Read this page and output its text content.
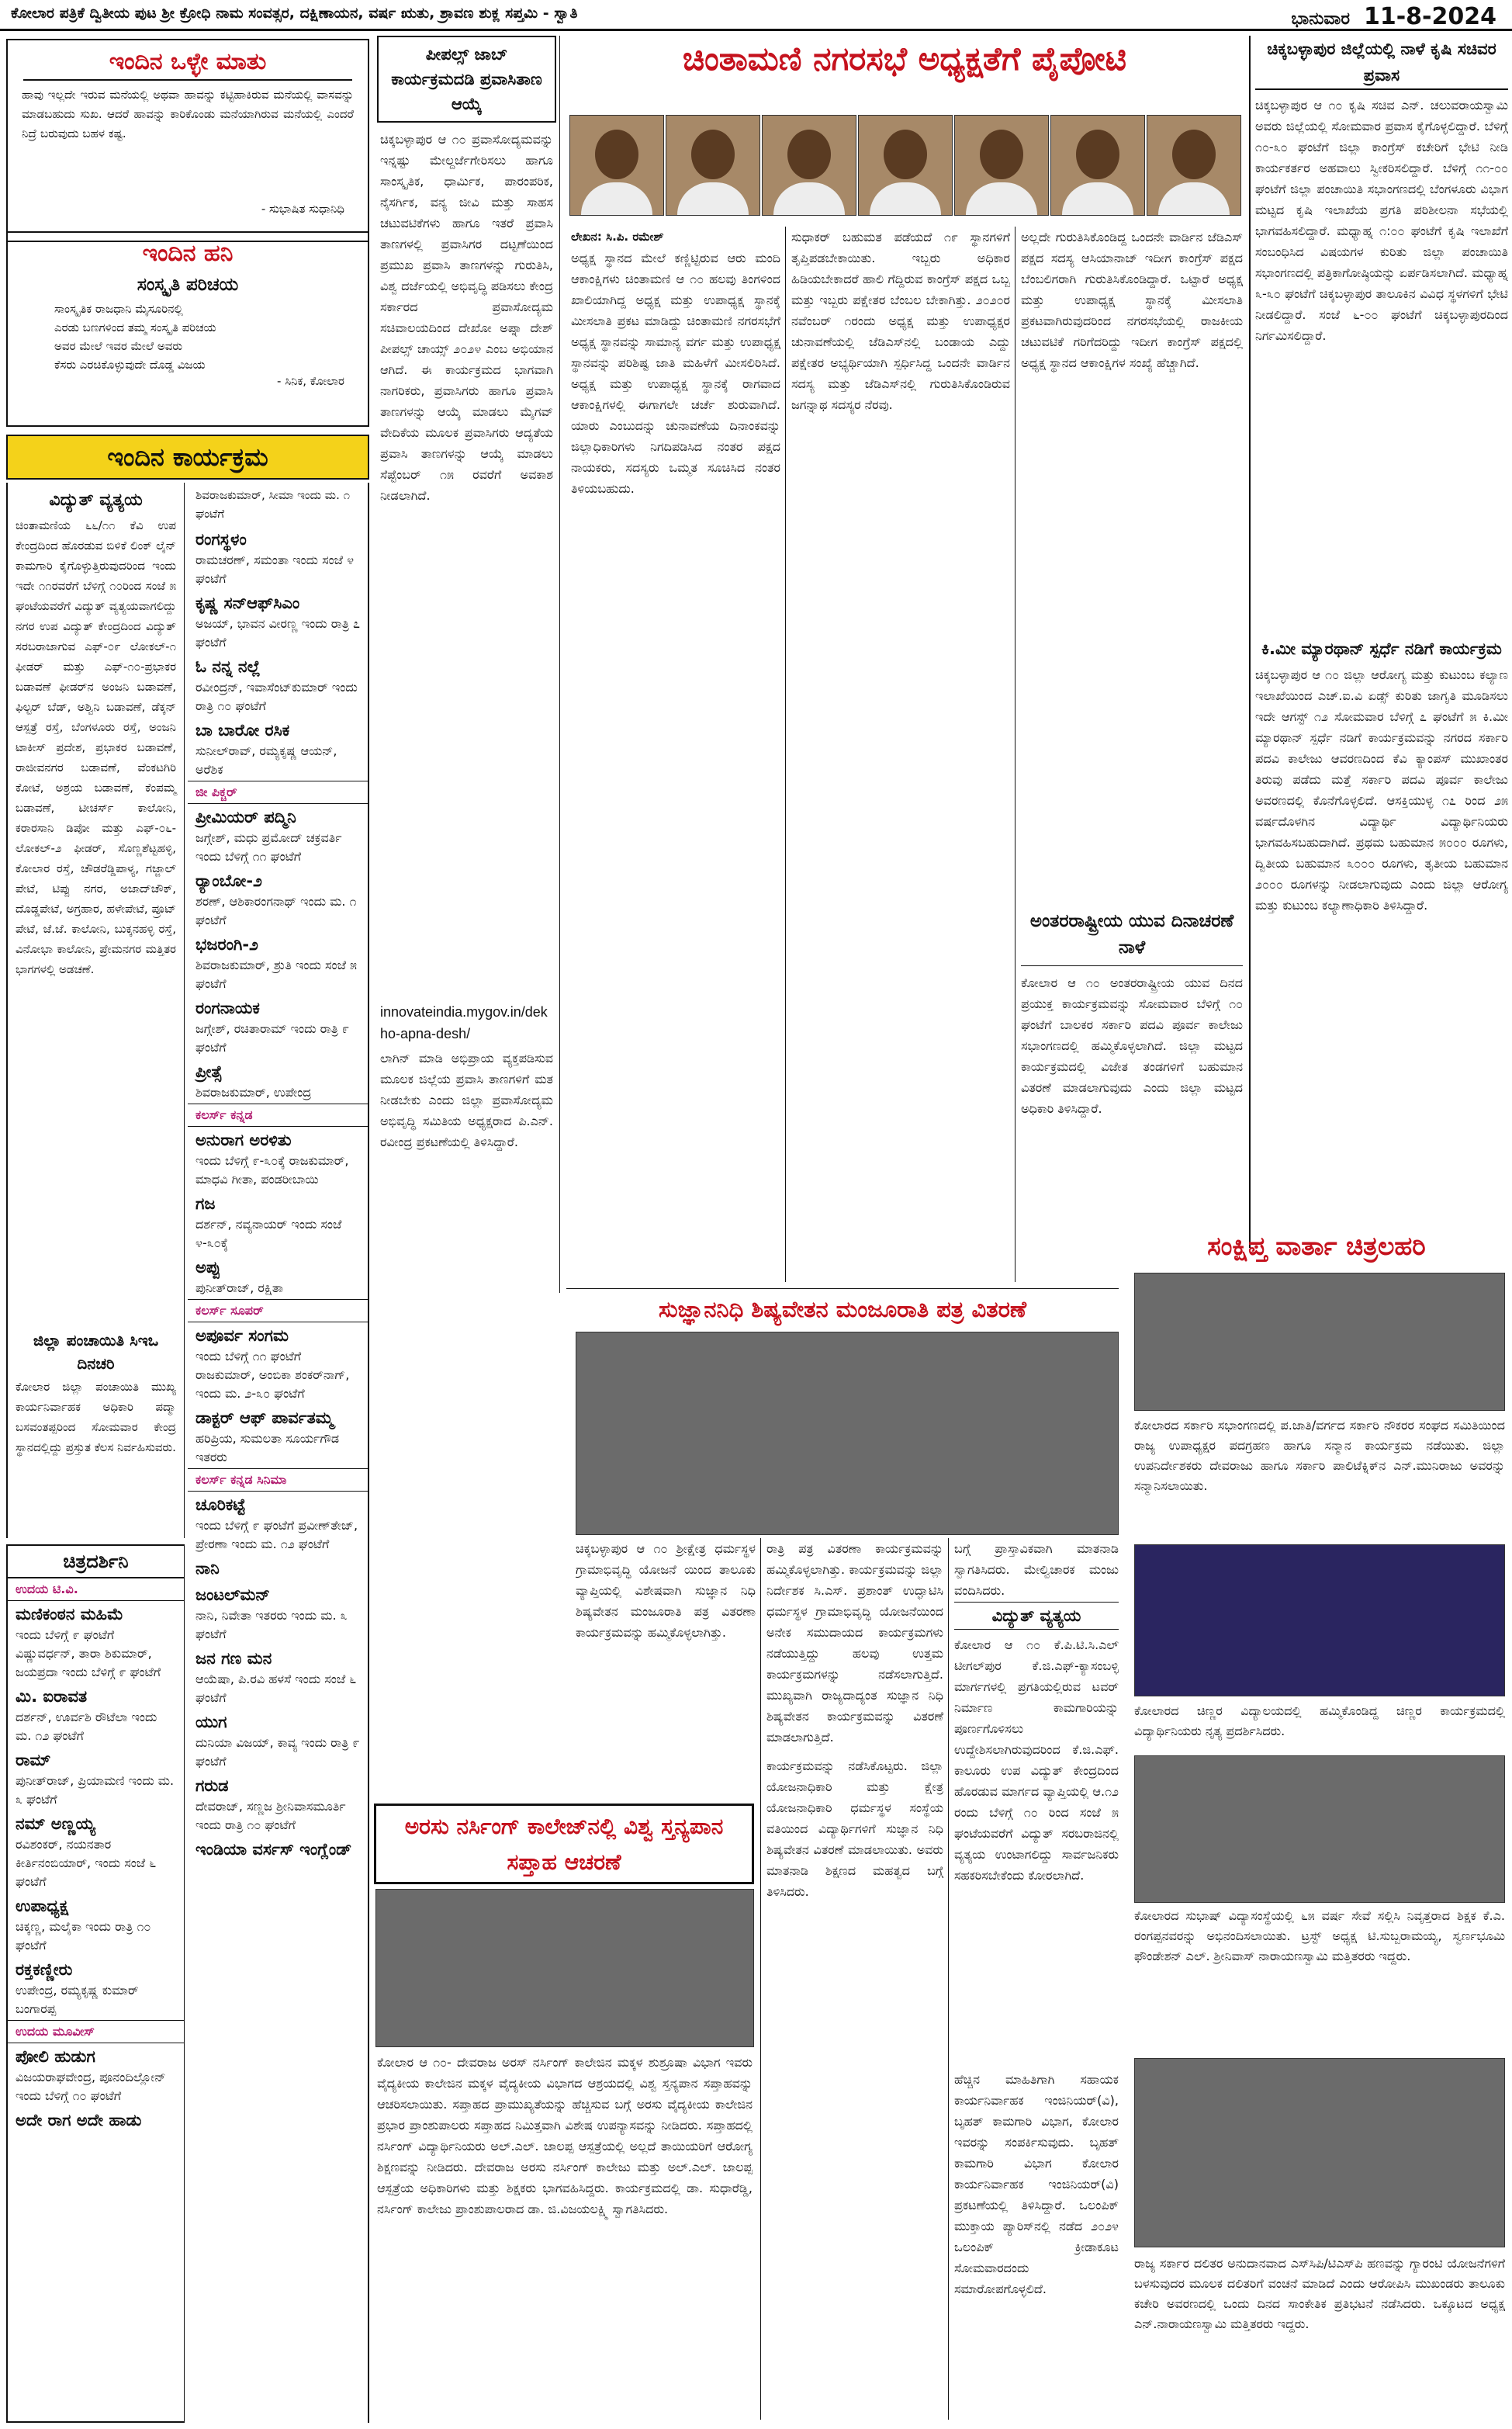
ಕೋಲಾರ ಪತ್ರಿಕೆ ದ್ವಿತೀಯ ಪುಟ ಶ್ರೀ ಕ್ರೋಧಿ ನಾಮ ಸಂವತ್ಸರ, ದಕ್ಷಿಣಾಯನ, ವರ್ಷ ಋತು, ಶ್ರಾವಣ ಶುಕ್ಲ ಸಪ್ತಮಿ - ಸ್ವಾತಿ	ಭಾನುವಾರ 11-8-2024
ಇಂದಿನ ಒಳ್ಳೇ ಮಾತು
ಹಾವು ಇಲ್ಲದೇ ಇರುವ ಮನೆಯಲ್ಲಿ ಅಥವಾ ಹಾವನ್ನು ಕಟ್ಟಿಹಾಕಿರುವ ಮನೆಯಲ್ಲಿ ವಾಸವನ್ನು ಮಾಡಬಹುದು ಸುಖ. ಆದರೆ ಹಾವನ್ನು ಕಾರಿಕೊಂಡು ಮನೆಯಾಗಿರುವ ಮನೆಯಲ್ಲಿ ಎಂದರೆ ನಿದ್ರೆ ಬರುವುದು ಬಹಳ ಕಷ್ಟ.
- ಸುಭಾಷಿತ ಸುಧಾನಿಧಿ
ಇಂದಿನ ಹನಿ
ಸಂಸ್ಕೃತಿ ಪರಿಚಯ
ಸಾಂಸ್ಕೃತಿಕ ರಾಜಧಾನಿ ಮೈಸೂರಿನಲ್ಲಿ
ಎರಡು ಬಣಗಳಿಂದ ತಮ್ಮ ಸಂಸ್ಕೃತಿ ಪರಿಚಯ
ಅವರ ಮೇಲೆ ಇವರ ಮೇಲೆ ಅವರು
ಕೆಸರು ಎರಚಿಕೊಳ್ಳುವುದೇ ದೊಡ್ಡ ವಿಜಯ
- ಸಿನಿಕ, ಕೋಲಾರ
ಇಂದಿನ ಕಾರ್ಯಕ್ರಮ
ವಿದ್ಯುತ್ ವ್ಯತ್ಯಯ
ಚಿಂತಾಮಣಿಯ ೬೬/೧೧ ಕೆವಿ ಉಪ ಕೇಂದ್ರದಿಂದ ಹೊರಡುವ ಬಿಳಿಕೆ ಲಿಂಕ್ ಲೈನ್ ಕಾಮಗಾರಿ ಕೈಗೊಳ್ಳುತ್ತಿರುವುದರಿಂದ ಇಂದು ಇದೇ ೧೧ರವರೆಗೆ ಬೆಳಿಗ್ಗೆ ೧೦ರಿಂದ ಸಂಜೆ ೫ ಘಂಟೆಯವರೆಗೆ ವಿದ್ಯುತ್ ವ್ಯತ್ಯಯವಾಗಲಿದ್ದು ನಗರ ಉಪ ವಿದ್ಯುತ್ ಕೇಂದ್ರದಿಂದ ವಿದ್ಯುತ್ ಸರಬರಾಜಾಗುವ ಎಫ್-೦೯ ಲೋಕಲ್-೧ ಫೀಡರ್ ಮತ್ತು ಎಫ್-೧೦-ಪ್ರಭಾಕರ ಬಡಾವಣೆ ಫೀಡರ್‌ನ ಅಂಜನಿ ಬಡಾವಣೆ, ಫಿಲ್ಟರ್ ಬೆಡ್, ಅಶ್ವಿನಿ ಬಡಾವಣೆ, ಡೆಕ್ಕನ್ ಆಸ್ಪತ್ರೆ ರಸ್ತೆ, ಬೆಂಗಳೂರು ರಸ್ತೆ, ಅಂಜನಿ ಟಾಕೀಸ್ ಪ್ರದೇಶ, ಪ್ರಭಾಕರ ಬಡಾವಣೆ, ರಾಜೀವನಗರ ಬಡಾವಣೆ, ವೆಂಕಟಗಿರಿ ಕೋಟೆ, ಅಶ್ರಯ ಬಡಾವಣೆ, ಕೆಂಪಮ್ಮ ಬಡಾವಣೆ, ಟೀಚರ್ಸ್ ಕಾಲೋನಿ, ಕರಾರಸಾನಿ ಡಿಪೋ ಮತ್ತು ಎಫ್-೦೬-ಲೋಕಲ್-೨ ಫೀಡರ್, ಸೊಣ್ಣಶೆಟ್ಟಹಳ್ಳಿ, ಕೋಲಾರ ರಸ್ತೆ, ಚೌಡರೆಡ್ಡಿಪಾಳ್ಯ, ಗಜ್ಜಾಲ್ ಪೇಟೆ, ಟಿಪ್ಪು ನಗರ, ಅಜಾದ್‌ಚೌಕ್, ದೊಡ್ಡಪೇಟೆ, ಅಗ್ರಹಾರ, ಹಳೇಪೇಟೆ, ಪ್ರೂಟ್ ಪೇಟೆ, ಜೆ.ಜೆ. ಕಾಲೋನಿ, ಬುಕ್ಕನಹಳ್ಳಿ ರಸ್ತೆ, ವಿನೋಭಾ ಕಾಲೋನಿ, ಪ್ರೇಮನಗರ ಮತ್ತಿತರ ಭಾಗಗಳಲ್ಲಿ ಅಡಚಣೆ.
ಜಿಲ್ಲಾ ಪಂಚಾಯಿತಿ ಸಿಇಒ ದಿನಚರಿ
ಕೋಲಾರ ಜಿಲ್ಲಾ ಪಂಚಾಯಿತಿ ಮುಖ್ಯ ಕಾರ್ಯನಿರ್ವಾಹಕ ಅಧಿಕಾರಿ ಪದ್ಮಾ ಬಸವಂತಪ್ಪರಿಂದ ಸೋಮವಾರ ಕೇಂದ್ರ ಸ್ಥಾನದಲ್ಲಿದ್ದು ಪ್ರಸ್ತುತ ಕೆಲಸ ನಿರ್ವಹಿಸುವರು.
ಶಿವರಾಜಕುಮಾರ್, ಸೀಮಾ ಇಂದು ಮ. ೧ ಘಂಟೆಗೆ
ರಂಗಸ್ಥಳಂ
ರಾಮಚರಣ್, ಸಮಂತಾ ಇಂದು ಸಂಜೆ ೪ ಘಂಟೆಗೆ
ಕೃಷ್ಣ ಸನ್‌ಆಫ್‌ಸಿಎಂ
ಅಜಯ್, ಭಾವನ ವೀರಣ್ಣ ಇಂದು ರಾತ್ರಿ ೭ ಘಂಟೆಗೆ
ಓ ನನ್ನ ನಲ್ಲೆ
ರವೀಂದ್ರನ್, ಇವಾಸೆಂಟ್‌ಕುಮಾರ್ ಇಂದು ರಾತ್ರಿ ೧೦ ಘಂಟೆಗೆ
ಬಾ ಬಾರೋ ರಸಿಕ
ಸುನೀಲ್‌ರಾವ್, ರಮ್ಯಕೃಷ್ಣ ಆಯನ್, ಅರೆಶಿಕ
ಜೀ ಪಿಕ್ಚರ್
ಪ್ರೀಮಿಯರ್ ಪದ್ಮಿನಿ
ಜಗ್ಗೇಶ್, ಮಧು ಪ್ರಮೋದ್ ಚಕ್ರವರ್ತಿ ಇಂದು ಬೆಳಿಗ್ಗೆ ೧೧ ಘಂಟೆಗೆ
ರ್‍ಯಾಂಬೋ-೨
ಶರಣ್, ಆಶಿಕಾರಂಗನಾಥ್ ಇಂದು ಮ. ೧ ಘಂಟೆಗೆ
ಭಜರಂಗಿ-೨
ಶಿವರಾಜಕುಮಾರ್, ಶ್ರುತಿ ಇಂದು ಸಂಜೆ ೫ ಘಂಟೆಗೆ
ರಂಗನಾಯಕ
ಜಗ್ಗೇಶ್, ರಚಿತಾರಾಮ್ ಇಂದು ರಾತ್ರಿ ೯ ಘಂಟೆಗೆ
ಪ್ರೀತ್ಸೆ
ಶಿವರಾಜಕುಮಾರ್, ಉಪೇಂದ್ರ
ಕಲರ್ಸ್ ಕನ್ನಡ
ಅನುರಾಗ ಅರಳಿತು
ಇಂದು ಬೆಳಿಗ್ಗೆ ೯-೩೦ಕ್ಕೆ ರಾಜಕುಮಾರ್, ಮಾಧವಿ ಗೀತಾ, ಪಂಡರೀಬಾಯಿ
ಗಜ
ದರ್ಶನ್, ನವ್ಯನಾಯರ್ ಇಂದು ಸಂಜೆ ೪-೩೦ಕ್ಕೆ
ಅಪ್ಪು
ಪುನೀತ್‌ರಾಜ್, ರಕ್ಷಿತಾ
ಕಲರ್ಸ್ ಸೂಪರ್
ಅಪೂರ್ವ ಸಂಗಮ
ಇಂದು ಬೆಳಿಗ್ಗೆ ೧೧ ಘಂಟೆಗೆ ರಾಜಕುಮಾರ್, ಅಂಬಿಕಾ ಶಂಕರ್‌ನಾಗ್, ಇಂದು ಮ. ೨-೩೦ ಘಂಟೆಗೆ
ಡಾಕ್ಟರ್ ಆಫ್ ಪಾರ್ವತಮ್ಮ
ಹರಿಪ್ರಿಯ, ಸುಮಲತಾ ಸೂರ್ಯಗೌಡ ಇತರರು
ಕಲರ್ಸ್ ಕನ್ನಡ ಸಿನಿಮಾ
ಚೂರಿಕಟ್ಟೆ
ಇಂದು ಬೆಳಿಗ್ಗೆ ೯ ಘಂಟೆಗೆ ಪ್ರವೀಣ್‌ತೇಜ್, ಪ್ರೇರಣಾ ಇಂದು ಮ. ೧೨ ಘಂಟೆಗೆ
ನಾನಿ
ಜಂಟಲ್‌ಮನ್
ನಾನಿ, ನಿವೇತಾ ಇತರರು ಇಂದು ಮ. ೩ ಘಂಟೆಗೆ
ಜನ ಗಣ ಮನ
ಆಯೆಷಾ, ಪಿ.ರವಿ ಹಳಸೆ ಇಂದು ಸಂಜೆ ೬ ಘಂಟೆಗೆ
ಯುಗ
ದುನಿಯಾ ವಿಜಯ್, ಕಾವ್ಯ ಇಂದು ರಾತ್ರಿ ೯ ಘಂಟೆಗೆ
ಗರುಡ
ದೇವರಾಜ್, ಸಣ್ಣಜ ಶ್ರೀನಿವಾಸಮೂರ್ತಿ ಇಂದು ರಾತ್ರಿ ೧೦ ಘಂಟೆಗೆ
ಇಂಡಿಯಾ ವರ್ಸಸ್ ಇಂಗ್ಲೆಂಡ್
ಚಿತ್ರದರ್ಶಿನಿ
ಉದಯ ಟಿ.ವಿ.
ಮಣಿಕಂಠನ ಮಹಿಮೆ
ಇಂದು ಬೆಳಿಗ್ಗೆ ೯ ಘಂಟೆಗೆ ವಿಷ್ಣುವರ್ಧನ್, ತಾರಾ ಶಿಕುಮಾರ್, ಜಯಪ್ರದಾ ಇಂದು ಬೆಳಿಗ್ಗೆ ೯ ಘಂಟೆಗೆ
ಮಿ. ಐರಾವತ
ದರ್ಶನ್, ಊರ್ವಶಿ ರೌಟೆಲಾ ಇಂದು ಮ. ೧೨ ಘಂಟೆಗೆ
ರಾಮ್
ಪುನೀತ್‌ರಾಜ್, ಪ್ರಿಯಾಮಣಿ ಇಂದು ಮ. ೩ ಘಂಟೆಗೆ
ನಮ್ ಅಣ್ಣಯ್ಯ
ರವಿಶಂಕರ್, ನಯನತಾರ ಕೀರ್ತಿನಂಬಿಯಾರ್, ಇಂದು ಸಂಜೆ ೬ ಘಂಟೆಗೆ
ಉಪಾಧ್ಯಕ್ಷ
ಚಿಕ್ಕಣ್ಣ, ಮಲೈಕಾ ಇಂದು ರಾತ್ರಿ ೧೦ ಘಂಟೆಗೆ
ರಕ್ತಕಣ್ಣೀರು
ಉಪೇಂದ್ರ, ರಮ್ಯಕೃಷ್ಣ ಕುಮಾರ್ ಬಂಗಾರಪ್ಪ
ಉದಯ ಮೂವೀಸ್
ಪೋಲಿ ಹುಡುಗ
ವಿಜಯರಾಘವೇಂದ್ರ, ಪೂನಂದಿಲ್ಲೋನ್ ಇಂದು ಬೆಳಿಗ್ಗೆ ೧೦ ಘಂಟೆಗೆ
ಅದೇ ರಾಗ ಅದೇ ಹಾಡು
ಪೀಪಲ್ಸ್ ಜಾಬ್ ಕಾರ್ಯಕ್ರಮದಡಿ ಪ್ರವಾಸಿತಾಣ ಆಯ್ಕೆ
ಚಿಕ್ಕಬಳ್ಳಾಪುರ ಆ ೧೦ ಪ್ರವಾಸೋದ್ಯಮವನ್ನು ಇನ್ನಷ್ಟು ಮೇಲ್ದರ್ಜೆಗೇರಿಸಲು ಹಾಗೂ ಸಾಂಸ್ಕೃತಿಕ, ಧಾರ್ಮಿಕ, ಪಾರಂಪರಿಕ, ನೈಸರ್ಗಿಕ, ವನ್ಯ ಜೀವಿ ಮತ್ತು ಸಾಹಸ ಚಟುವಟಿಕೆಗಳು ಹಾಗೂ ಇತರೆ ಪ್ರವಾಸಿ ತಾಣಗಳಲ್ಲಿ ಪ್ರವಾಸಿಗರ ದಟ್ಟಣೆಯಿಂದ ಪ್ರಮುಖ ಪ್ರವಾಸಿ ತಾಣಗಳನ್ನು ಗುರುತಿಸಿ, ವಿಶ್ವ ದರ್ಜೆಯಲ್ಲಿ ಅಭಿವೃದ್ಧಿ ಪಡಿಸಲು ಕೇಂದ್ರ ಸರ್ಕಾರದ ಪ್ರವಾಸೋದ್ಯಮ ಸಚಿವಾಲಯದಿಂದ ದೇಖೋ ಅಪ್ನಾ ದೇಶ್ ಪೀಪಲ್ಸ್ ಚಾಯ್ಸ್ ೨೦೨೪ ಎಂಬ ಅಭಿಯಾನ ಆಗಿದೆ. ಈ ಕಾರ್ಯಕ್ರಮದ ಭಾಗವಾಗಿ ನಾಗರಿಕರು, ಪ್ರವಾಸಿಗರು ಹಾಗೂ ಪ್ರವಾಸಿ ತಾಣಗಳನ್ನು ಆಯ್ಕೆ ಮಾಡಲು ಮೈಗವ್ ವೇದಿಕೆಯ ಮೂಲಕ ಪ್ರವಾಸಿಗರು ಆದ್ಯತೆಯ ಪ್ರವಾಸಿ ತಾಣಗಳನ್ನು ಆಯ್ಕೆ ಮಾಡಲು ಸೆಪ್ಟೆಂಬರ್ ೧೫ ರವರೆಗೆ ಅವಕಾಶ ನೀಡಲಾಗಿದೆ.
innovateindia.mygov.in/dekho-apna-desh/
ಲಾಗಿನ್ ಮಾಡಿ ಅಭಿಪ್ರಾಯ ವ್ಯಕ್ತಪಡಿಸುವ ಮೂಲಕ ಜಿಲ್ಲೆಯ ಪ್ರವಾಸಿ ತಾಣಗಳಿಗೆ ಮತ ನೀಡಬೇಕು ಎಂದು ಜಿಲ್ಲಾ ಪ್ರವಾಸೋದ್ಯಮ ಅಭಿವೃದ್ಧಿ ಸಮಿತಿಯ ಅಧ್ಯಕ್ಷರಾದ ಪಿ.ಎನ್. ರವೀಂದ್ರ ಪ್ರಕಟಣೆಯಲ್ಲಿ ತಿಳಿಸಿದ್ದಾರೆ.
ಚಿಂತಾಮಣಿ ನಗರಸಭೆ ಅಧ್ಯಕ್ಷತೆಗೆ ಪೈಪೋಟಿ
ಲೇಖನ: ಸಿ.ಪಿ. ರಮೇಶ್
ಅಧ್ಯಕ್ಷ ಸ್ಥಾನದ ಮೇಲೆ ಕಣ್ಣಿಟ್ಟಿರುವ ಆರು ಮಂದಿ ಆಕಾಂಕ್ಷಿಗಳು ಚಿಂತಾಮಣಿ ಆ ೧೦ ಹಲವು ತಿಂಗಳಿಂದ ಖಾಲಿಯಾಗಿದ್ದ ಅಧ್ಯಕ್ಷ ಮತ್ತು ಉಪಾಧ್ಯಕ್ಷ ಸ್ಥಾನಕ್ಕೆ ಮೀಸಲಾತಿ ಪ್ರಕಟ ಮಾಡಿದ್ದು ಚಿಂತಾಮಣಿ ನಗರಸಭೆಗೆ ಅಧ್ಯಕ್ಷ ಸ್ಥಾನವನ್ನು ಸಾಮಾನ್ಯ ವರ್ಗ ಮತ್ತು ಉಪಾಧ್ಯಕ್ಷ ಸ್ಥಾನವನ್ನು ಪರಿಶಿಷ್ಟ ಜಾತಿ ಮಹಿಳೆಗೆ ಮೀಸಲಿರಿಸಿದೆ. ಅಧ್ಯಕ್ಷ ಮತ್ತು ಉಪಾಧ್ಯಕ್ಷ ಸ್ಥಾನಕ್ಕೆ ರಾಗವಾದ ಆಕಾಂಕ್ಷಿಗಳಲ್ಲಿ ಈಗಾಗಲೇ ಚರ್ಚೆ ಶುರುವಾಗಿದೆ. ಯಾರು ಎಂಬುದನ್ನು ಚುನಾವಣೆಯ ದಿನಾಂಕವನ್ನು ಜಿಲ್ಲಾಧಿಕಾರಿಗಳು ನಿಗದಿಪಡಿಸಿದ ನಂತರ ಪಕ್ಷದ ನಾಯಕರು, ಸದಸ್ಯರು ಒಮ್ಮತ ಸೂಚಿಸಿದ ನಂತರ ತಿಳಿಯಬಹುದು.
ಸುಧಾಕರ್ ಬಹುಮತ ಪಡೆಯದೆ ೧೯ ಸ್ಥಾನಗಳಿಗೆ ತೃಪ್ತಿಪಡಬೇಕಾಯಿತು. ಇಬ್ಬರು ಅಧಿಕಾರ ಹಿಡಿಯಬೇಕಾದರೆ ಹಾಲಿ ಗೆದ್ದಿರುವ ಕಾಂಗ್ರೆಸ್ ಪಕ್ಷದ ಒಬ್ಬ ಮತ್ತು ಇಬ್ಬರು ಪಕ್ಷೇತರ ಬೆಂಬಲ ಬೇಕಾಗಿತ್ತು. ೨೦೨೦ರ ನವೆಂಬರ್ ೧ರಂದು ಅಧ್ಯಕ್ಷ ಮತ್ತು ಉಪಾಧ್ಯಕ್ಷರ ಚುನಾವಣೆಯಲ್ಲಿ ಜೆಡಿಎಸ್‌ನಲ್ಲಿ ಬಂಡಾಯ ಎದ್ದು ಪಕ್ಷೇತರ ಅಭ್ಯರ್ಥಿಯಾಗಿ ಸ್ಪರ್ಧಿಸಿದ್ದ ಒಂದನೇ ವಾರ್ಡಿನ ಸದಸ್ಯ ಮತ್ತು ಜೆಡಿಎಸ್‌ನಲ್ಲಿ ಗುರುತಿಸಿಕೊಂಡಿರುವ ಜಗನ್ನಾಥ ಸದಸ್ಯರ ನೆರವು.
ಅಲ್ಲದೇ ಗುರುತಿಸಿಕೊಂಡಿದ್ದ ಒಂದನೇ ವಾರ್ಡಿನ ಜೆಡಿಎಸ್ ಪಕ್ಷದ ಸದಸ್ಯ ಆಸಿಯಾನಾಜ್ ಇದೀಗ ಕಾಂಗ್ರೆಸ್ ಪಕ್ಷದ ಬೆಂಬಲಿಗರಾಗಿ ಗುರುತಿಸಿಕೊಂಡಿದ್ದಾರೆ. ಒಟ್ಟಾರೆ ಅಧ್ಯಕ್ಷ ಮತ್ತು ಉಪಾಧ್ಯಕ್ಷ ಸ್ಥಾನಕ್ಕೆ ಮೀಸಲಾತಿ ಪ್ರಕಟವಾಗಿರುವುದರಿಂದ ನಗರಸಭೆಯಲ್ಲಿ ರಾಜಕೀಯ ಚಟುವಟಿಕೆ ಗರಿಗೆದರಿದ್ದು ಇದೀಗ ಕಾಂಗ್ರೆಸ್ ಪಕ್ಷದಲ್ಲಿ ಅಧ್ಯಕ್ಷ ಸ್ಥಾನದ ಆಕಾಂಕ್ಷಿಗಳ ಸಂಖ್ಯೆ ಹೆಚ್ಚಾಗಿದೆ.
ಅಂತರರಾಷ್ಟ್ರೀಯ ಯುವ ದಿನಾಚರಣೆ ನಾಳೆ
ಕೋಲಾರ ಆ ೧೦ ಅಂತರರಾಷ್ಟ್ರೀಯ ಯುವ ದಿನದ ಪ್ರಯುಕ್ತ ಕಾರ್ಯಕ್ರಮವನ್ನು ಸೋಮವಾರ ಬೆಳಿಗ್ಗೆ ೧೦ ಘಂಟೆಗೆ ಬಾಲಕರ ಸರ್ಕಾರಿ ಪದವಿ ಪೂರ್ವ ಕಾಲೇಜು ಸಭಾಂಗಣದಲ್ಲಿ ಹಮ್ಮಿಕೊಳ್ಳಲಾಗಿದೆ. ಜಿಲ್ಲಾ ಮಟ್ಟದ ಕಾರ್ಯಕ್ರಮದಲ್ಲಿ ವಿಜೇತ ತಂಡಗಳಿಗೆ ಬಹುಮಾನ ವಿತರಣೆ ಮಾಡಲಾಗುವುದು ಎಂದು ಜಿಲ್ಲಾ ಮಟ್ಟದ ಅಧಿಕಾರಿ ತಿಳಿಸಿದ್ದಾರೆ.
ಚಿಕ್ಕಬಳ್ಳಾಪುರ ಜಿಲ್ಲೆಯಲ್ಲಿ ನಾಳೆ ಕೃಷಿ ಸಚಿವರ ಪ್ರವಾಸ
ಚಿಕ್ಕಬಳ್ಳಾಪುರ ಆ ೧೦ ಕೃಷಿ ಸಚಿವ ಎನ್. ಚಲುವರಾಯಸ್ವಾಮಿ ಅವರು ಜಿಲ್ಲೆಯಲ್ಲಿ ಸೋಮವಾರ ಪ್ರವಾಸ ಕೈಗೊಳ್ಳಲಿದ್ದಾರೆ. ಬೆಳಿಗ್ಗೆ ೧೦-೩೦ ಘಂಟೆಗೆ ಜಿಲ್ಲಾ ಕಾಂಗ್ರೆಸ್ ಕಚೇರಿಗೆ ಭೇಟಿ ನೀಡಿ ಕಾರ್ಯಕರ್ತರ ಅಹವಾಲು ಸ್ವೀಕರಿಸಲಿದ್ದಾರೆ. ಬೆಳಿಗ್ಗೆ ೧೧-೦೦ ಘಂಟೆಗೆ ಜಿಲ್ಲಾ ಪಂಚಾಯಿತಿ ಸಭಾಂಗಣದಲ್ಲಿ ಬೆಂಗಳೂರು ವಿಭಾಗ ಮಟ್ಟದ ಕೃಷಿ ಇಲಾಖೆಯ ಪ್ರಗತಿ ಪರಿಶೀಲನಾ ಸಭೆಯಲ್ಲಿ ಭಾಗವಹಿಸಲಿದ್ದಾರೆ. ಮಧ್ಯಾಹ್ನ ೧:೦೦ ಘಂಟೆಗೆ ಕೃಷಿ ಇಲಾಖೆಗೆ ಸಂಬಂಧಿಸಿದ ವಿಷಯಗಳ ಕುರಿತು ಜಿಲ್ಲಾ ಪಂಚಾಯಿತಿ ಸಭಾಂಗಣದಲ್ಲಿ ಪತ್ರಿಕಾಗೋಷ್ಠಿಯನ್ನು ಏರ್ಪಡಿಸಲಾಗಿದೆ. ಮಧ್ಯಾಹ್ನ ೩-೩೦ ಘಂಟೆಗೆ ಚಿಕ್ಕಬಳ್ಳಾಪುರ ತಾಲೂಕಿನ ವಿವಿಧ ಸ್ಥಳಗಳಿಗೆ ಭೇಟಿ ನೀಡಲಿದ್ದಾರೆ. ಸಂಜೆ ೬-೦೦ ಘಂಟೆಗೆ ಚಿಕ್ಕಬಳ್ಳಾಪುರದಿಂದ ನಿರ್ಗಮಿಸಲಿದ್ದಾರೆ.
ಕಿ.ಮೀ ಮ್ಯಾರಥಾನ್ ಸ್ಪರ್ಧೆ ನಡಿಗೆ ಕಾರ್ಯಕ್ರಮ
ಚಿಕ್ಕಬಳ್ಳಾಪುರ ಆ ೧೦ ಜಿಲ್ಲಾ ಆರೋಗ್ಯ ಮತ್ತು ಕುಟುಂಬ ಕಲ್ಯಾಣ ಇಲಾಖೆಯಿಂದ ಎಚ್.ಐ.ವಿ ಏಡ್ಸ್ ಕುರಿತು ಜಾಗೃತಿ ಮೂಡಿಸಲು ಇದೇ ಆಗಸ್ಟ್ ೧೨ ಸೋಮವಾರ ಬೆಳಿಗ್ಗೆ ೭ ಘಂಟೆಗೆ ೫ ಕಿ.ಮೀ ಮ್ಯಾರಥಾನ್ ಸ್ಪರ್ಧೆ ನಡಿಗೆ ಕಾರ್ಯಕ್ರಮವನ್ನು ನಗರದ ಸರ್ಕಾರಿ ಪದವಿ ಕಾಲೇಜು ಆವರಣದಿಂದ ಕೆವಿ ಕ್ಯಾಂಪಸ್ ಮುಖಾಂತರ ತಿರುವು ಪಡೆದು ಮತ್ತೆ ಸರ್ಕಾರಿ ಪದವಿ ಪೂರ್ವ ಕಾಲೇಜು ಅವರಣದಲ್ಲಿ ಕೊನೆಗೊಳ್ಳಲಿದೆ. ಆಸಕ್ತಿಯುಳ್ಳ ೧೭ ರಿಂದ ೨೫ ವರ್ಷದೊಳಗಿನ ವಿದ್ಯಾರ್ಥಿ ವಿದ್ಯಾರ್ಥಿನಿಯರು ಭಾಗವಹಿಸಬಹುದಾಗಿದೆ. ಪ್ರಥಮ ಬಹುಮಾನ ೫೦೦೦ ರೂಗಳು, ದ್ವಿತೀಯ ಬಹುಮಾನ ೩೦೦೦ ರೂಗಳು, ತೃತೀಯ ಬಹುಮಾನ ೨೦೦೦ ರೂಗಳನ್ನು ನೀಡಲಾಗುವುದು ಎಂದು ಜಿಲ್ಲಾ ಆರೋಗ್ಯ ಮತ್ತು ಕುಟುಂಬ ಕಲ್ಯಾಣಾಧಿಕಾರಿ ತಿಳಿಸಿದ್ದಾರೆ.
ಸುಜ್ಞಾನನಿಧಿ ಶಿಷ್ಯವೇತನ ಮಂಜೂರಾತಿ ಪತ್ರ ವಿತರಣೆ
ಚಿಕ್ಕಬಳ್ಳಾಪುರ ಆ ೧೦ ಶ್ರೀಕ್ಷೇತ್ರ ಧರ್ಮಸ್ಥಳ ಗ್ರಾಮಾಭಿವೃದ್ಧಿ ಯೋಜನೆ ಯಿಂದ ತಾಲೂಕು ವ್ಯಾಪ್ತಿಯಲ್ಲಿ ವಿಶೇಷವಾಗಿ ಸುಜ್ಞಾನ ನಿಧಿ ಶಿಷ್ಯವೇತನ ಮಂಜೂರಾತಿ ಪತ್ರ ವಿತರಣಾ ಕಾರ್ಯಕ್ರಮವನ್ನು ಹಮ್ಮಿಕೊಳ್ಳಲಾಗಿತ್ತು.
ರಾತ್ರಿ ಪತ್ರ ವಿತರಣಾ ಕಾರ್ಯಕ್ರಮವನ್ನು ಹಮ್ಮಿಕೊಳ್ಳಲಾಗಿತ್ತು. ಕಾರ್ಯಕ್ರಮವನ್ನು ಜಿಲ್ಲಾ ನಿರ್ದೇಶಕ ಸಿ.ಎಸ್. ಪ್ರಶಾಂತ್ ಉದ್ಘಾಟಿಸಿ ಧರ್ಮಸ್ಥಳ ಗ್ರಾಮಾಭಿವೃದ್ಧಿ ಯೋಜನೆಯಿಂದ ಅನೇಕ ಸಮುದಾಯದ ಕಾರ್ಯಕ್ರಮಗಳು ನಡೆಯುತ್ತಿದ್ದು ಹಲವು ಉತ್ತಮ ಕಾರ್ಯಕ್ರಮಗಳನ್ನು ನಡೆಸಲಾಗುತ್ತಿದೆ. ಮುಖ್ಯವಾಗಿ ರಾಜ್ಯದಾದ್ಯಂತ ಸುಜ್ಞಾನ ನಿಧಿ ಶಿಷ್ಯವೇತನ ಕಾರ್ಯಕ್ರಮವನ್ನು ವಿತರಣೆ ಮಾಡಲಾಗುತ್ತಿದೆ.
ಕಾರ್ಯಕ್ರಮವನ್ನು ನಡೆಸಿಕೊಟ್ಟರು. ಜಿಲ್ಲಾ ಯೋಜನಾಧಿಕಾರಿ ಮತ್ತು ಕ್ಷೇತ್ರ ಯೋಜನಾಧಿಕಾರಿ ಧರ್ಮಸ್ಥಳ ಸಂಸ್ಥೆಯ ವತಿಯಿಂದ ವಿದ್ಯಾರ್ಥಿಗಳಿಗೆ ಸುಜ್ಞಾನ ನಿಧಿ ಶಿಷ್ಯವೇತನ ವಿತರಣೆ ಮಾಡಲಾಯಿತು. ಅವರು ಮಾತನಾಡಿ ಶಿಕ್ಷಣದ ಮಹತ್ವದ ಬಗ್ಗೆ ತಿಳಿಸಿದರು.
ಬಗ್ಗೆ ಪ್ರಾಸ್ತಾವಿಕವಾಗಿ ಮಾತನಾಡಿ ಸ್ವಾಗತಿಸಿದರು. ಮೇಲ್ವಿಚಾರಕ ಮಂಜು ವಂದಿಸಿದರು.
ವಿದ್ಯುತ್ ವ್ಯತ್ಯಯ
ಕೋಲಾರ ಆ ೧೦ ಕೆ.ಪಿ.ಟಿ.ಸಿ.ಎಲ್ ಟೀಗಲ್‌ಪುರ ಕೆ.ಜಿ.ಎಫ್-ಕ್ಯಾಸಂಬಳ್ಳಿ ಮಾರ್ಗಗಳಲ್ಲಿ ಪ್ರಗತಿಯಲ್ಲಿರುವ ಟವರ್ ನಿರ್ಮಾಣ ಕಾಮಗಾರಿಯನ್ನು ಪೂರ್ಣಗೊಳಿಸಲು ಉದ್ದೇಶಿಸಲಾಗಿರುವುದರಿಂದ ಕೆ.ಜಿ.ಎಫ್. ಕಾಲೂರು ಉಪ ವಿದ್ಯುತ್ ಕೇಂದ್ರದಿಂದ ಹೊರಡುವ ಮಾರ್ಗದ ವ್ಯಾಪ್ತಿಯಲ್ಲಿ ಆ.೧೨ ರಂದು ಬೆಳಿಗ್ಗೆ ೧೦ ರಿಂದ ಸಂಜೆ ೫ ಘಂಟೆಯವರೆಗೆ ವಿದ್ಯುತ್ ಸರಬರಾಜಿನಲ್ಲಿ ವ್ಯತ್ಯಯ ಉಂಟಾಗಲಿದ್ದು ಸಾರ್ವಜನಿಕರು ಸಹಕರಿಸಬೇಕೆಂದು ಕೋರಲಾಗಿದೆ.
ಹೆಚ್ಚಿನ ಮಾಹಿತಿಗಾಗಿ ಸಹಾಯಕ ಕಾರ್ಯನಿರ್ವಾಹಕ ಇಂಜಿನಿಯರ್(ವಿ), ಬೃಹತ್ ಕಾಮಗಾರಿ ವಿಭಾಗ, ಕೋಲಾರ ಇವರನ್ನು ಸಂಪರ್ಕಿಸುವುದು. ಬೃಹತ್ ಕಾಮಗಾರಿ ವಿಭಾಗ ಕೋಲಾರ ಕಾರ್ಯನಿರ್ವಾಹಕ ಇಂಜಿನಿಯರ್(ವಿ) ಪ್ರಕಟಣೆಯಲ್ಲಿ ತಿಳಿಸಿದ್ದಾರೆ. ಒಲಂಪಿಕ್ ಮುಕ್ತಾಯ ಪ್ಯಾರಿಸ್‌ನಲ್ಲಿ ನಡೆದ ೨೦೨೪ ಒಲಂಪಿಕ್ ಕ್ರೀಡಾಕೂಟ ಸೋಮವಾರದಂದು ಸಮಾರೋಪಗೊಳ್ಳಲಿದೆ.
ಅರಸು ನರ್ಸಿಂಗ್ ಕಾಲೇಜ್‌ನಲ್ಲಿ ವಿಶ್ವ ಸ್ತನ್ಯಪಾನ ಸಪ್ತಾಹ ಆಚರಣೆ
ಕೋಲಾರ ಆ ೧೦- ದೇವರಾಜ ಅರಸ್ ನರ್ಸಿಂಗ್ ಕಾಲೇಜಿನ ಮಕ್ಕಳ ಶುಶ್ರೂಷಾ ವಿಭಾಗ ಇವರು ವೈದ್ಯಕೀಯ ಕಾಲೇಜಿನ ಮಕ್ಕಳ ವೈದ್ಯಕೀಯ ವಿಭಾಗದ ಆಶ್ರಯದಲ್ಲಿ ವಿಶ್ವ ಸ್ತನ್ಯಪಾನ ಸಪ್ತಾಹವನ್ನು ಆಚರಿಸಲಾಯಿತು. ಸಪ್ತಾಹದ ಪ್ರಾಮುಖ್ಯತೆಯನ್ನು ಹೆಚ್ಚಿಸುವ ಬಗ್ಗೆ ಅರಸು ವೈದ್ಯಕೀಯ ಕಾಲೇಜಿನ ಪ್ರಭಾರ ಪ್ರಾಂಶುಪಾಲರು ಸಪ್ತಾಹದ ನಿಮಿತ್ತವಾಗಿ ವಿಶೇಷ ಉಪನ್ಯಾಸವನ್ನು ನೀಡಿದರು. ಸಪ್ತಾಹದಲ್ಲಿ ನರ್ಸಿಂಗ್ ವಿದ್ಯಾರ್ಥಿನಿಯರು ಅಲ್.ಎಲ್. ಜಾಲಪ್ಪ ಆಸ್ಪತ್ರೆಯಲ್ಲಿ ಅಲ್ಲದೆ ತಾಯಿಯರಿಗೆ ಆರೋಗ್ಯ ಶಿಕ್ಷಣವನ್ನು ನೀಡಿದರು. ದೇವರಾಜ ಅರಸು ನರ್ಸಿಂಗ್ ಕಾಲೇಜು ಮತ್ತು ಅಲ್.ಎಲ್. ಜಾಲಪ್ಪ ಆಸ್ಪತ್ರೆಯ ಅಧಿಕಾರಿಗಳು ಮತ್ತು ಶಿಕ್ಷಕರು ಭಾಗವಹಿಸಿದ್ದರು. ಕಾರ್ಯಕ್ರಮದಲ್ಲಿ ಡಾ. ಸುಧಾರೆಡ್ಡಿ, ನರ್ಸಿಂಗ್ ಕಾಲೇಜು ಪ್ರಾಂಶುಪಾಲರಾದ ಡಾ. ಜಿ.ವಿಜಯಲಕ್ಷ್ಮಿ ಸ್ವಾಗತಿಸಿದರು.
ಸಂಕ್ಷಿಪ್ತ ವಾರ್ತಾ ಚಿತ್ರಲಹರಿ
ಕೋಲಾರದ ಸರ್ಕಾರಿ ಸಭಾಂಗಣದಲ್ಲಿ ಪ.ಜಾತಿ/ವರ್ಗದ ಸರ್ಕಾರಿ ನೌಕರರ ಸಂಘದ ಸಮಿತಿಯಿಂದ ರಾಜ್ಯ ಉಪಾಧ್ಯಕ್ಷರ ಪದಗ್ರಹಣ ಹಾಗೂ ಸನ್ಮಾನ ಕಾರ್ಯಕ್ರಮ ನಡೆಯಿತು. ಜಿಲ್ಲಾ ಉಪನಿರ್ದೇಶಕರು ದೇವರಾಜು ಹಾಗೂ ಸರ್ಕಾರಿ ಪಾಲಿಟೆಕ್ನಿಕ್‌ನ ಎನ್.ಮುನಿರಾಜು ಅವರನ್ನು ಸನ್ಮಾನಿಸಲಾಯಿತು.
ಕೋಲಾರದ ಚಿಣ್ಣರ ವಿದ್ಯಾಲಯದಲ್ಲಿ ಹಮ್ಮಿಕೊಂಡಿದ್ದ ಚಿಣ್ಣರ ಕಾರ್ಯಕ್ರಮದಲ್ಲಿ ವಿದ್ಯಾರ್ಥಿನಿಯರು ನೃತ್ಯ ಪ್ರದರ್ಶಿಸಿದರು.
ಕೋಲಾರದ ಸುಭಾಷ್ ವಿದ್ಯಾಸಂಸ್ಥೆಯಲ್ಲಿ ೬೫ ವರ್ಷ ಸೇವೆ ಸಲ್ಲಿಸಿ ನಿವೃತ್ತರಾದ ಶಿಕ್ಷಕ ಕೆ.ಎ. ರಂಗಪ್ಪನವರನ್ನು ಅಭಿನಂದಿಸಲಾಯಿತು. ಟ್ರಸ್ಟ್ ಅಧ್ಯಕ್ಷ ಟಿ.ಸುಬ್ಬರಾಮಯ್ಯ, ಸ್ವರ್ಣಭೂಮಿ ಫೌಂಡೇಶನ್ ಎಲ್. ಶ್ರೀನಿವಾಸ್ ನಾರಾಯಣಸ್ವಾಮಿ ಮತ್ತಿತರರು ಇದ್ದರು.
ರಾಜ್ಯ ಸರ್ಕಾರ ದಲಿತರ ಅನುದಾನವಾದ ಎಸ್‌ಸಿಪಿ/ಟಿಎಸ್‌ಪಿ ಹಣವನ್ನು ಗ್ಯಾರಂಟಿ ಯೋಜನೆಗಳಿಗೆ ಬಳಸುವುದರ ಮೂಲಕ ದಲಿತರಿಗೆ ವಂಚನೆ ಮಾಡಿದೆ ಎಂದು ಆರೋಪಿಸಿ ಮುಖಂಡರು ತಾಲೂಕು ಕಚೇರಿ ಅವರಣದಲ್ಲಿ ಒಂದು ದಿನದ ಸಾಂಕೇತಿಕ ಪ್ರತಿಭಟನೆ ನಡೆಸಿದರು. ಒಕ್ಕೂಟದ ಅಧ್ಯಕ್ಷ ಎನ್.ನಾರಾಯಣಸ್ವಾಮಿ ಮತ್ತಿತರರು ಇದ್ದರು.
